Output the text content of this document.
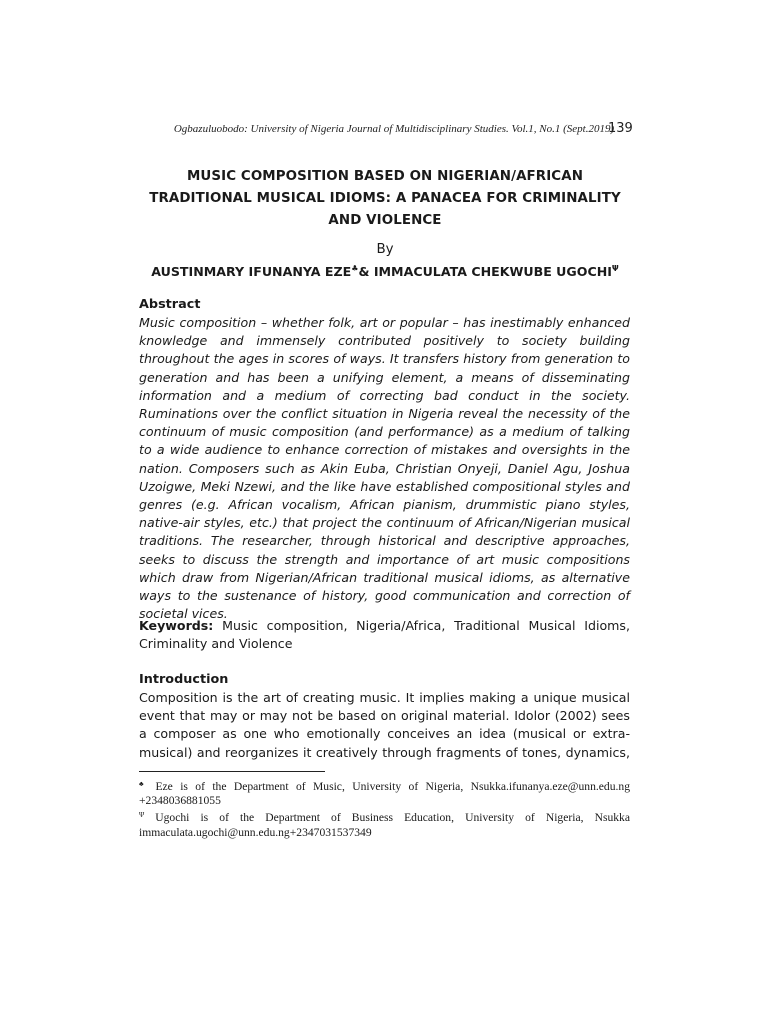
Ogbazuluobodo: University of Nigeria Journal of Multidisciplinary Studies. Vol.1, No.1 (Sept.2019)
139
MUSIC COMPOSITION BASED ON NIGERIAN/AFRICAN
TRADITIONAL MUSICAL IDIOMS: A PANACEA FOR CRIMINALITY
AND VIOLENCE
By
AUSTINMARY IFUNANYA EZE♣& IMMACULATA CHEKWUBE $UGOCHI^\Psi$
Abstract
Music composition – whether folk, art or popular – has inestimably enhanced knowledge and immensely contributed positively to society building throughout the ages in scores of ways. It transfers history from generation to generation and has been a unifying element, a means of disseminating information and a medium of correcting bad conduct in the society. Ruminations over the conflict situation in Nigeria reveal the necessity of the continuum of music composition (and performance) as a medium of talking to a wide audience to enhance correction of mistakes and oversights in the nation. Composers such as Akin Euba, Christian Onyeji, Daniel Agu, Joshua Uzoigwe, Meki Nzewi, and the like have established compositional styles and genres (e.g. African vocalism, African pianism, drummistic piano styles, native-air styles, etc.) that project the continuum of African/Nigerian musical traditions. The researcher, through historical and descriptive approaches, seeks to discuss the strength and importance of art music compositions which draw from Nigerian/African traditional musical idioms, as alternative ways to the sustenance of history, good communication and correction of societal vices.
Keywords: Music composition, Nigeria/Africa, Traditional Musical Idioms, Criminality and Violence
Introduction
Composition is the art of creating music. It implies making a unique musical event that may or may not be based on original material. Idolor (2002) sees a composer as one who emotionally conceives an idea (musical or extra-musical) and reorganizes it creatively through fragments of tones, dynamics,
♣ Eze is of the Department of Music, University of Nigeria, Nsukka.ifunanya.eze@unn.edu.ng +2348036881055
$^\Psi$ Ugochi is of the Department of Business Education, University of Nigeria, Nsukka immaculata.ugochi@unn.edu.ng+2347031537349
